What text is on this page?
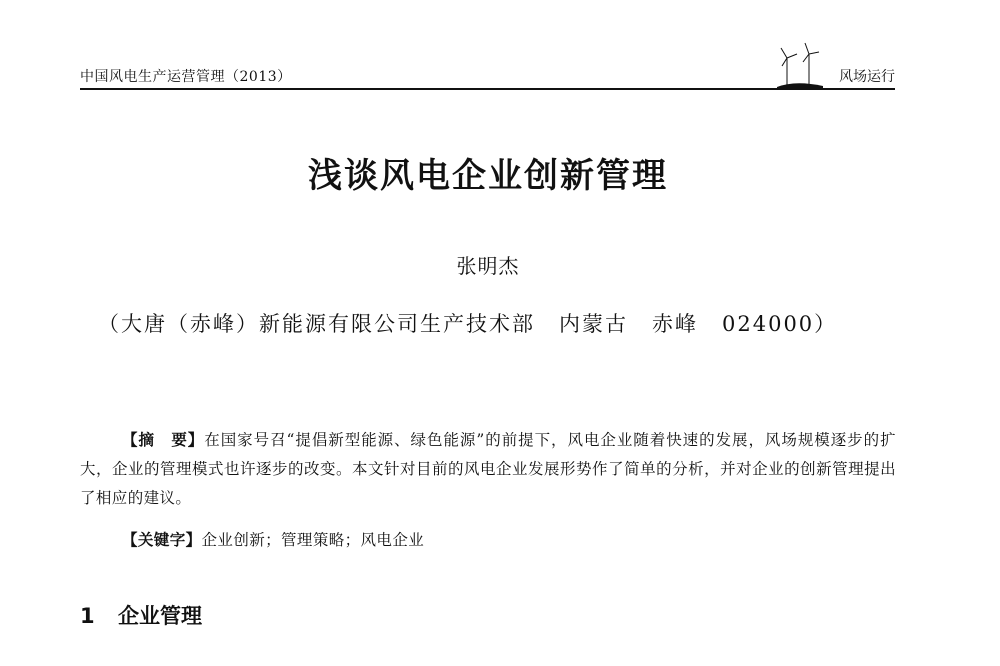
中国风电生产运营管理（2013）	风场运行
浅谈风电企业创新管理
张明杰
（大唐（赤峰）新能源有限公司生产技术部 内蒙古 赤峰 024000）
【摘　要】在国家号召“提倡新型能源、绿色能源”的前提下，风电企业随着快速的发展，风场规模逐步的扩大，企业的管理模式也许逐步的改变。本文针对目前的风电企业发展形势作了简单的分析，并对企业的创新管理提出了相应的建议。
【关键字】企业创新；管理策略；风电企业
1 企业管理
